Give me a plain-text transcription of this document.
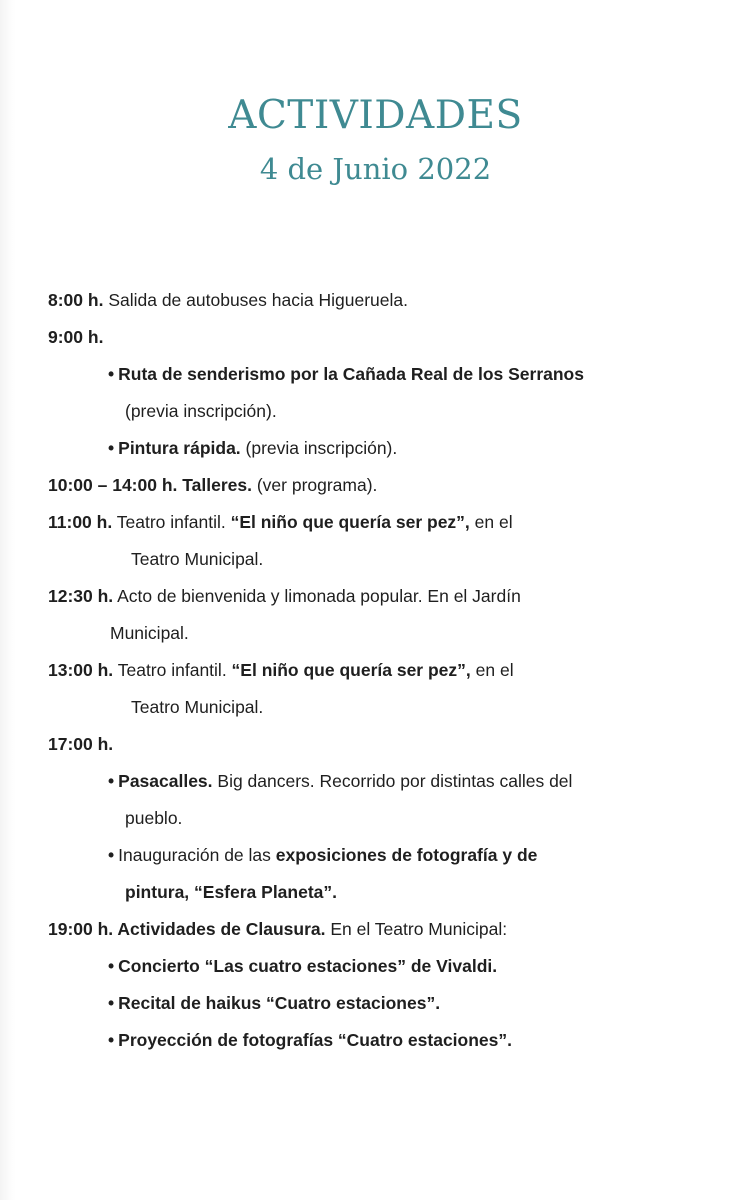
ACTIVIDADES
4 de Junio 2022
8:00 h. Salida de autobuses hacia Higueruela.
9:00 h.
• Ruta de senderismo por la Cañada Real de los Serranos
(previa inscripción).
• Pintura rápida. (previa inscripción).
10:00 – 14:00 h. Talleres. (ver programa).
11:00 h. Teatro infantil. “El niño que quería ser pez”, en el
Teatro Municipal.
12:30 h. Acto de bienvenida y limonada popular. En el Jardín
Municipal.
13:00 h. Teatro infantil. “El niño que quería ser pez”, en el
Teatro Municipal.
17:00 h.
• Pasacalles. Big dancers. Recorrido por distintas calles del
pueblo.
• Inauguración de las exposiciones de fotografía y de
pintura, “Esfera Planeta”.
19:00 h. Actividades de Clausura. En el Teatro Municipal:
• Concierto “Las cuatro estaciones” de Vivaldi.
• Recital de haikus “Cuatro estaciones”.
• Proyección de fotografías “Cuatro estaciones”.
